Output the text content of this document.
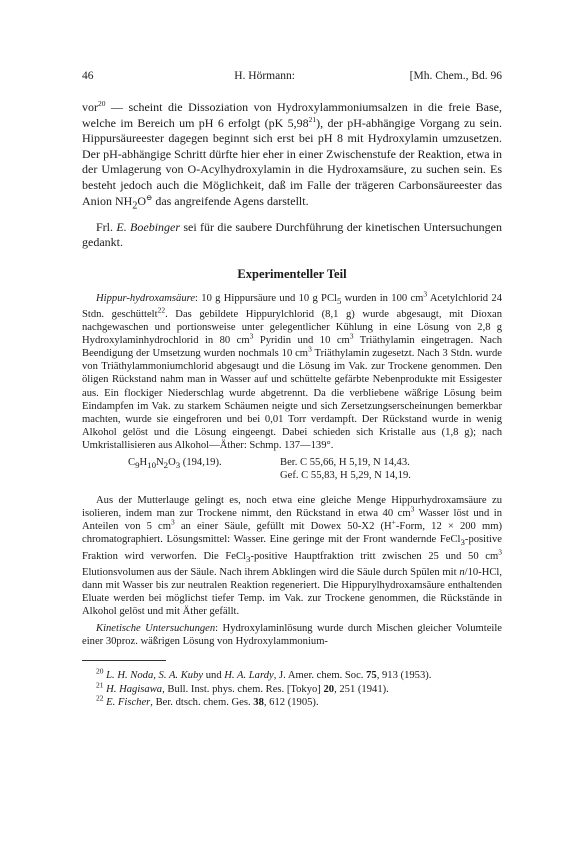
46	H. Hörmann:	[Mh. Chem., Bd. 96

vor$^{20}$ — scheint die Dissoziation von Hydroxylammoniumsalzen in die freie Base, welche im Bereich um pH 6 erfolgt (pK 5,98$^{21}$), der pH-abhängige Vorgang zu sein. Hippursäureester dagegen beginnt sich erst bei pH 8 mit Hydroxylamin umzusetzen. Der pH-abhängige Schritt dürfte hier eher in einer Zwischenstufe der Reaktion, etwa in der Umlagerung von O-Acylhydroxylamin in die Hydroxamsäure, zu suchen sein. Es besteht jedoch auch die Möglichkeit, daß im Falle der trägeren Carbonsäureester das Anion $NH_2O^⊖$ das angreifende Agens darstellt.

Frl. E. Boebinger sei für die saubere Durchführung der kinetischen Untersuchungen gedankt.

Experimenteller Teil

Hippur-hydroxamsäure: 10 g Hippursäure und 10 g PCl$_5$ wurden in 100 $cm^3$ Acetylchlorid 24 Stdn. geschüttelt$^{22}$. Das gebildete Hippurylchlorid (8,1 g) wurde abgesaugt, mit Dioxan nachgewaschen und portionsweise unter gelegentlicher Kühlung in eine Lösung von 2,8 g Hydroxylaminhydrochlorid in 80 $cm^3$ Pyridin und 10 $cm^3$ Triäthylamin eingetragen. Nach Beendigung der Umsetzung wurden nochmals 10 $cm^3$ Triäthylamin zugesetzt. Nach 3 Stdn. wurde von Triäthylammoniumchlorid abgesaugt und die Lösung im Vak. zur Trockene genommen. Den öligen Rückstand nahm man in Wasser auf und schüttelte gefärbte Nebenprodukte mit Essigester aus. Ein flockiger Niederschlag wurde abgetrennt. Da die verbliebene wäßrige Lösung beim Eindampfen im Vak. zu starkem Schäumen neigte und sich Zersetzungserscheinungen bemerkbar machten, wurde sie eingefroren und bei 0,01 Torr verdampft. Der Rückstand wurde in wenig Alkohol gelöst und die Lösung eingeengt. Dabei schieden sich Kristalle aus (1,8 g); nach Umkristallisieren aus Alkohol—Äther: Schmp. 137—139°.

$C_9H_{10}N_2O_3$ (194,19).	Ber. C 55,66, H 5,19, N 14,43.
Gef. C 55,83, H 5,29, N 14,19.

Aus der Mutterlauge gelingt es, noch etwa eine gleiche Menge Hippurhydroxamsäure zu isolieren, indem man zur Trockene nimmt, den Rückstand in etwa 40 $cm^3$ Wasser löst und in Anteilen von 5 $cm^3$ an einer Säule, gefüllt mit Dowex 50-X2 (H+-Form, 12 × 200 mm) chromatographiert. Lösungsmittel: Wasser. Eine geringe mit der Front wandernde FeCl$_3$-positive Fraktion wird verworfen. Die FeCl$_3$-positive Hauptfraktion tritt zwischen 25 und 50 $cm^3$ Elutionsvolumen aus der Säule. Nach ihrem Abklingen wird die Säule durch Spülen mit n/10-HCl, dann mit Wasser bis zur neutralen Reaktion regeneriert. Die Hippurylhydroxamsäure enthaltenden Eluate werden bei möglichst tiefer Temp. im Vak. zur Trockene genommen, die Rückstände in Alkohol gelöst und mit Äther gefällt.

Kinetische Untersuchungen: Hydroxylaminlösung wurde durch Mischen gleicher Volumteile einer 30proz. wäßrigen Lösung von Hydroxylammonium-

$^{20}$ L. H. Noda, S. A. Kuby und H. A. Lardy, J. Amer. chem. Soc. 75, 913 (1953).

$^{21}$ H. Hagisawa, Bull. Inst. phys. chem. Res. [Tokyo] 20, 251 (1941).

$^{22}$ E. Fischer, Ber. dtsch. chem. Ges. 38, 612 (1905).
